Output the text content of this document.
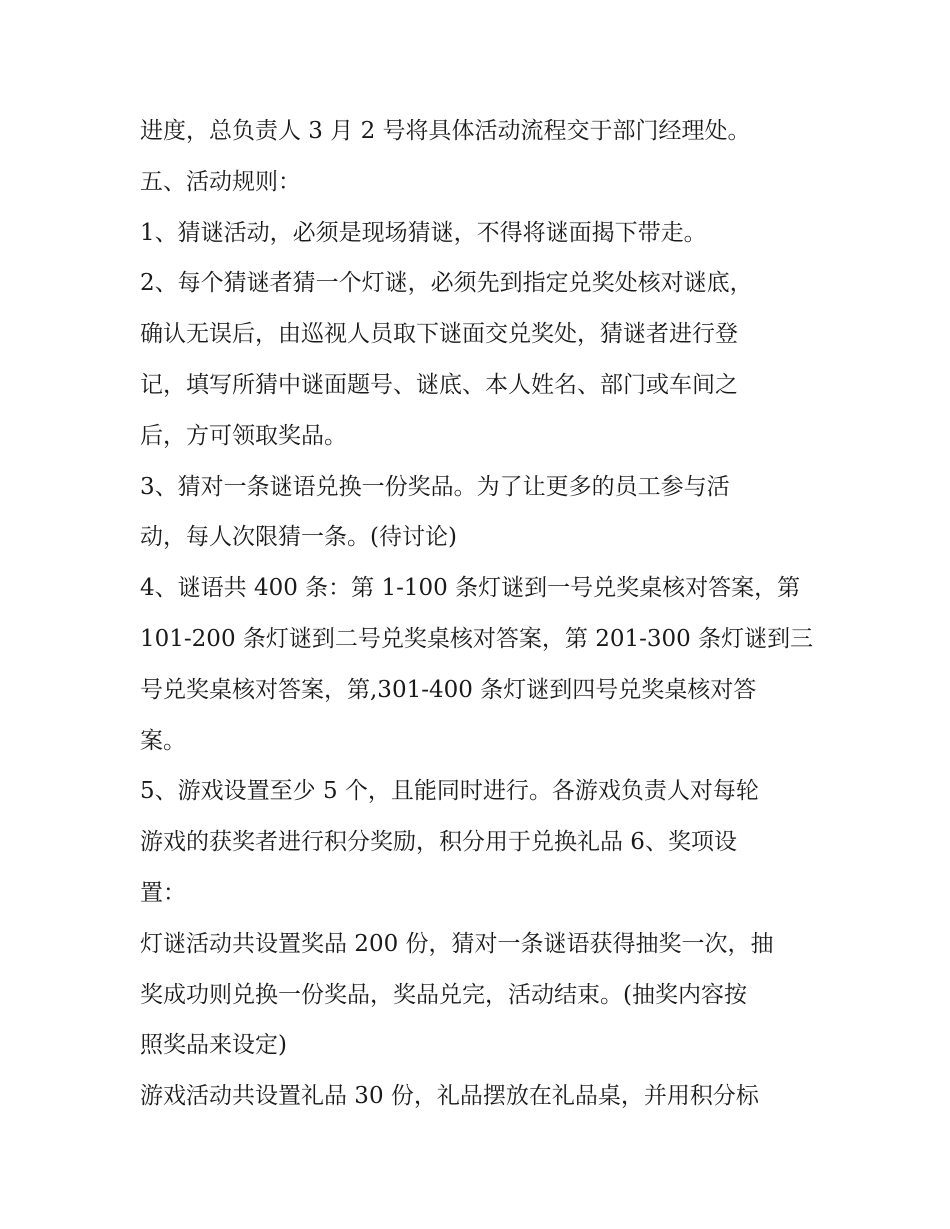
进度，总负责人 3 月 2 号将具体活动流程交于部门经理处。
五、活动规则：
1、猜谜活动，必须是现场猜谜，不得将谜面揭下带走。
2、每个猜谜者猜一个灯谜，必须先到指定兑奖处核对谜底，
确认无误后，由巡视人员取下谜面交兑奖处，猜谜者进行登
记，填写所猜中谜面题号、谜底、本人姓名、部门或车间之
后，方可领取奖品。
3、猜对一条谜语兑换一份奖品。为了让更多的员工参与活
动，每人次限猜一条。(待讨论)
4、谜语共 400 条：第 1-100 条灯谜到一号兑奖桌核对答案，第
101-200 条灯谜到二号兑奖桌核对答案，第 201-300 条灯谜到三
号兑奖桌核对答案，第,301-400 条灯谜到四号兑奖桌核对答
案。
5、游戏设置至少 5 个，且能同时进行。各游戏负责人对每轮
游戏的获奖者进行积分奖励，积分用于兑换礼品 6、奖项设
置：
灯谜活动共设置奖品 200 份，猜对一条谜语获得抽奖一次，抽
奖成功则兑换一份奖品，奖品兑完，活动结束。(抽奖内容按
照奖品来设定)
游戏活动共设置礼品 30 份，礼品摆放在礼品桌，并用积分标
